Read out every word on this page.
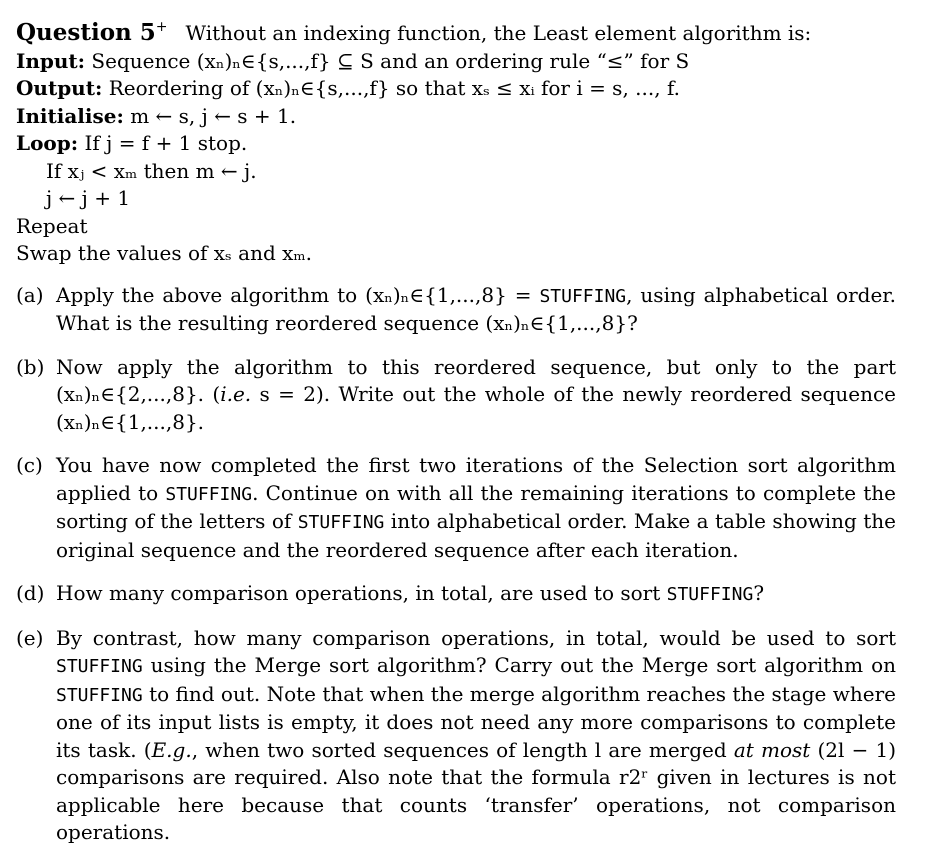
Question 5+ Without an indexing function, the Least element algorithm is:
Input: Sequence (xₙ)ₙ∈{s,...,f} ⊆ S and an ordering rule “≤” for S
Output: Reordering of (xₙ)ₙ∈{s,...,f} so that xₛ ≤ xᵢ for i = s, ..., f.
Initialise: m ← s, j ← s + 1.
Loop: If j = f + 1 stop.
If xⱼ < xₘ then m ← j.
j ← j + 1
Repeat
Swap the values of xₛ and xₘ.
(a) Apply the above algorithm to (xₙ)ₙ∈{1,...,8} = STUFFING, using alphabetical order. What is the resulting reordered sequence (xₙ)ₙ∈{1,...,8}?
(b) Now apply the algorithm to this reordered sequence, but only to the part (xₙ)ₙ∈{2,...,8}. (i.e. s = 2). Write out the whole of the newly reordered sequence (xₙ)ₙ∈{1,...,8}.
(c) You have now completed the first two iterations of the Selection sort algorithm applied to STUFFING. Continue on with all the remaining iterations to complete the sorting of the letters of STUFFING into alphabetical order. Make a table showing the original sequence and the reordered sequence after each iteration.
(d) How many comparison operations, in total, are used to sort STUFFING?
(e) By contrast, how many comparison operations, in total, would be used to sort STUFFING using the Merge sort algorithm? Carry out the Merge sort algorithm on STUFFING to find out. Note that when the merge algorithm reaches the stage where one of its input lists is empty, it does not need any more comparisons to complete its task. (E.g., when two sorted sequences of length l are merged at most (2l − 1) comparisons are required. Also note that the formula r2ʳ given in lectures is not applicable here because that counts ‘transfer’ operations, not comparison operations.
